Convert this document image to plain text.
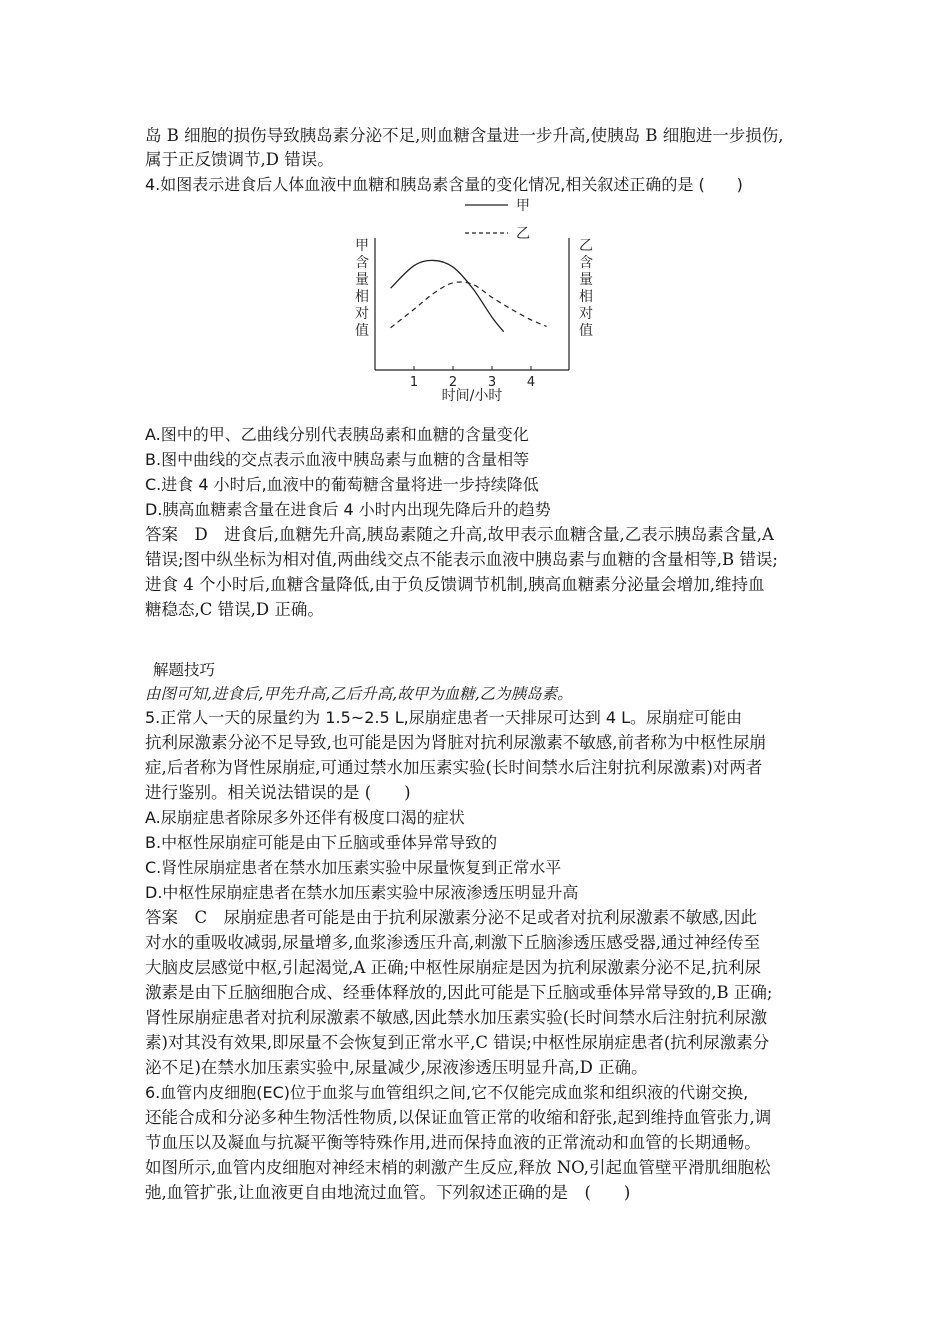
岛 B 细胞的损伤导致胰岛素分泌不足,则血糖含量进一步升高,使胰岛 B 细胞进一步损伤,
属于正反馈调节,D 错误。
4.如图表示进食后人体血液中血糖和胰岛素含量的变化情况,相关叙述正确的是 (　　)
甲
乙
甲含量相对值
乙含量相对值
1 2 3 4
时间/小时
A.图中的甲、乙曲线分别代表胰岛素和血糖的含量变化
B.图中曲线的交点表示血液中胰岛素与血糖的含量相等
C.进食 4 小时后,血液中的葡萄糖含量将进一步持续降低
D.胰高血糖素含量在进食后 4 小时内出现先降后升的趋势
答案　D　进食后,血糖先升高,胰岛素随之升高,故甲表示血糖含量,乙表示胰岛素含量,A
错误;图中纵坐标为相对值,两曲线交点不能表示血液中胰岛素与血糖的含量相等,B 错误;
进食 4 个小时后,血糖含量降低,由于负反馈调节机制,胰高血糖素分泌量会增加,维持血
糖稳态,C 错误,D 正确。
解题技巧
由图可知,进食后,甲先升高,乙后升高,故甲为血糖,乙为胰岛素。
5.正常人一天的尿量约为 1.5~2.5 L,尿崩症患者一天排尿可达到 4 L。尿崩症可能由
抗利尿激素分泌不足导致,也可能是因为肾脏对抗利尿激素不敏感,前者称为中枢性尿崩
症,后者称为肾性尿崩症,可通过禁水加压素实验(长时间禁水后注射抗利尿激素)对两者
进行鉴别。相关说法错误的是 (　　)
A.尿崩症患者除尿多外还伴有极度口渴的症状
B.中枢性尿崩症可能是由下丘脑或垂体异常导致的
C.肾性尿崩症患者在禁水加压素实验中尿量恢复到正常水平
D.中枢性尿崩症患者在禁水加压素实验中尿液渗透压明显升高
答案　C　尿崩症患者可能是由于抗利尿激素分泌不足或者对抗利尿激素不敏感,因此
对水的重吸收减弱,尿量增多,血浆渗透压升高,刺激下丘脑渗透压感受器,通过神经传至
大脑皮层感觉中枢,引起渴觉,A 正确;中枢性尿崩症是因为抗利尿激素分泌不足,抗利尿
激素是由下丘脑细胞合成、经垂体释放的,因此可能是下丘脑或垂体异常导致的,B 正确;
肾性尿崩症患者对抗利尿激素不敏感,因此禁水加压素实验(长时间禁水后注射抗利尿激
素)对其没有效果,即尿量不会恢复到正常水平,C 错误;中枢性尿崩症患者(抗利尿激素分
泌不足)在禁水加压素实验中,尿量减少,尿液渗透压明显升高,D 正确。
6.血管内皮细胞(EC)位于血浆与血管组织之间,它不仅能完成血浆和组织液的代谢交换,
还能合成和分泌多种生物活性物质,以保证血管正常的收缩和舒张,起到维持血管张力,调
节血压以及凝血与抗凝平衡等特殊作用,进而保持血液的正常流动和血管的长期通畅。
如图所示,血管内皮细胞对神经末梢的刺激产生反应,释放 NO,引起血管壁平滑肌细胞松
弛,血管扩张,让血液更自由地流过血管。下列叙述正确的是　(　　)
